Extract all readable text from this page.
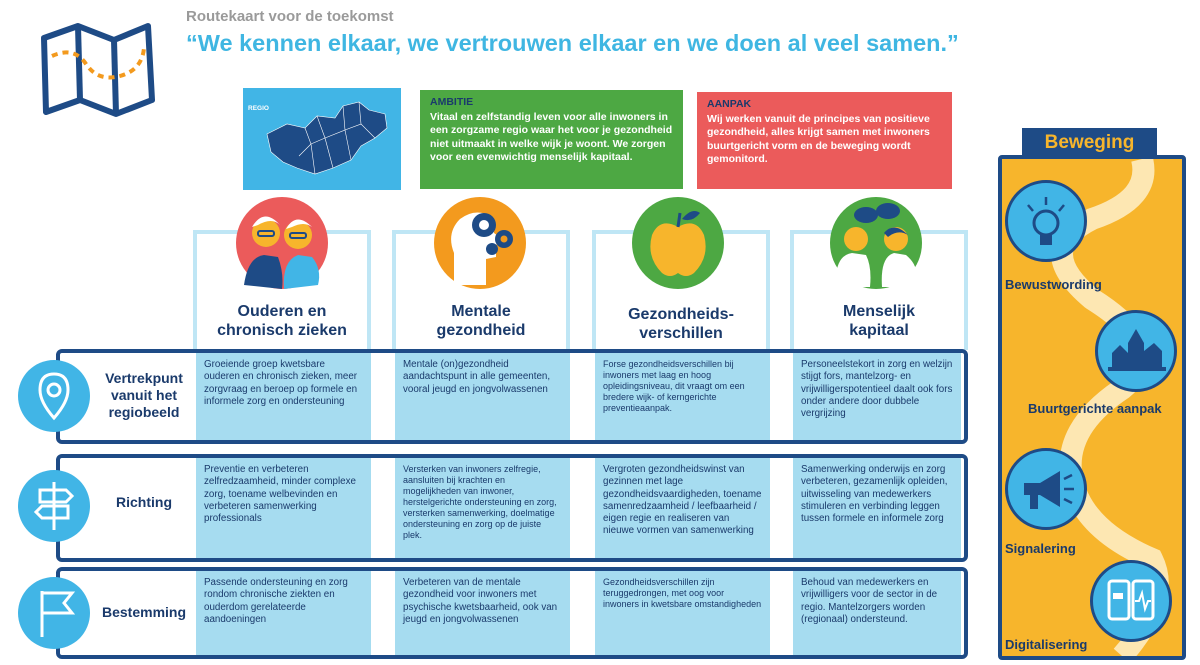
Routekaart voor de toekomst
“We kennen elkaar, we vertrouwen elkaar en we doen al veel samen.”
REGIO
AMBITIE
Vitaal en zelfstandig leven voor alle inwoners in een zorgzame regio waar het voor je gezondheid niet uitmaakt in welke wijk je woont. We zorgen voor een evenwichtig menselijk kapitaal.
AANPAK
Wij werken vanuit de principes van positieve gezondheid, alles krijgt samen met inwoners buurtgericht vorm en de beweging wordt gemonitord.
Ouderen en chronisch zieken
Mentale gezondheid
Gezondheids-verschillen
Menselijk kapitaal
Vertrekpunt vanuit het regiobeeld
Richting
Bestemming
Groeiende groep kwetsbare ouderen en chronisch zieken, meer zorgvraag en beroep op formele en informele zorg en ondersteuning
Mentale (on)gezondheid aandachtspunt in alle gemeenten, vooral jeugd en jongvolwassenen
Forse gezondheidsverschillen bij inwoners met laag en hoog opleidingsniveau, dit vraagt om een bredere wijk- of kerngerichte preventieaanpak.
Personeelstekort in zorg en welzijn stijgt fors, mantelzorg- en vrijwilligerspotentieel daalt ook fors onder andere door dubbele vergrijzing
Preventie en verbeteren zelfredzaamheid, minder complexe zorg, toename welbevinden en verbeteren samenwerking professionals
Versterken van inwoners zelfregie, aansluiten bij krachten en mogelijkheden van inwoner, herstelgerichte ondersteuning en zorg, versterken samenwerking, doelmatige ondersteuning en zorg op de juiste plek.
Vergroten gezondheidswinst van gezinnen met lage gezondheidsvaardigheden, toename samenredzaamheid / leefbaarheid / eigen regie en realiseren van nieuwe vormen van samenwerking
Samenwerking onderwijs en zorg verbeteren, gezamenlijk opleiden, uitwisseling van medewerkers stimuleren en verbinding leggen tussen formele en informele zorg
Passende ondersteuning en zorg rondom chronische ziekten en ouderdom gerelateerde aandoeningen
Verbeteren van de mentale gezondheid voor inwoners met psychische kwetsbaarheid, ook van jeugd en jongvolwassenen
Gezondheidsverschillen zijn teruggedrongen, met oog voor inwoners in kwetsbare omstandigheden
Behoud van medewerkers en vrijwilligers voor de sector in de regio. Mantelzorgers worden (regionaal) ondersteund.
Beweging
Bewustwording
Buurtgerichte aanpak
Signalering
Digitalisering
